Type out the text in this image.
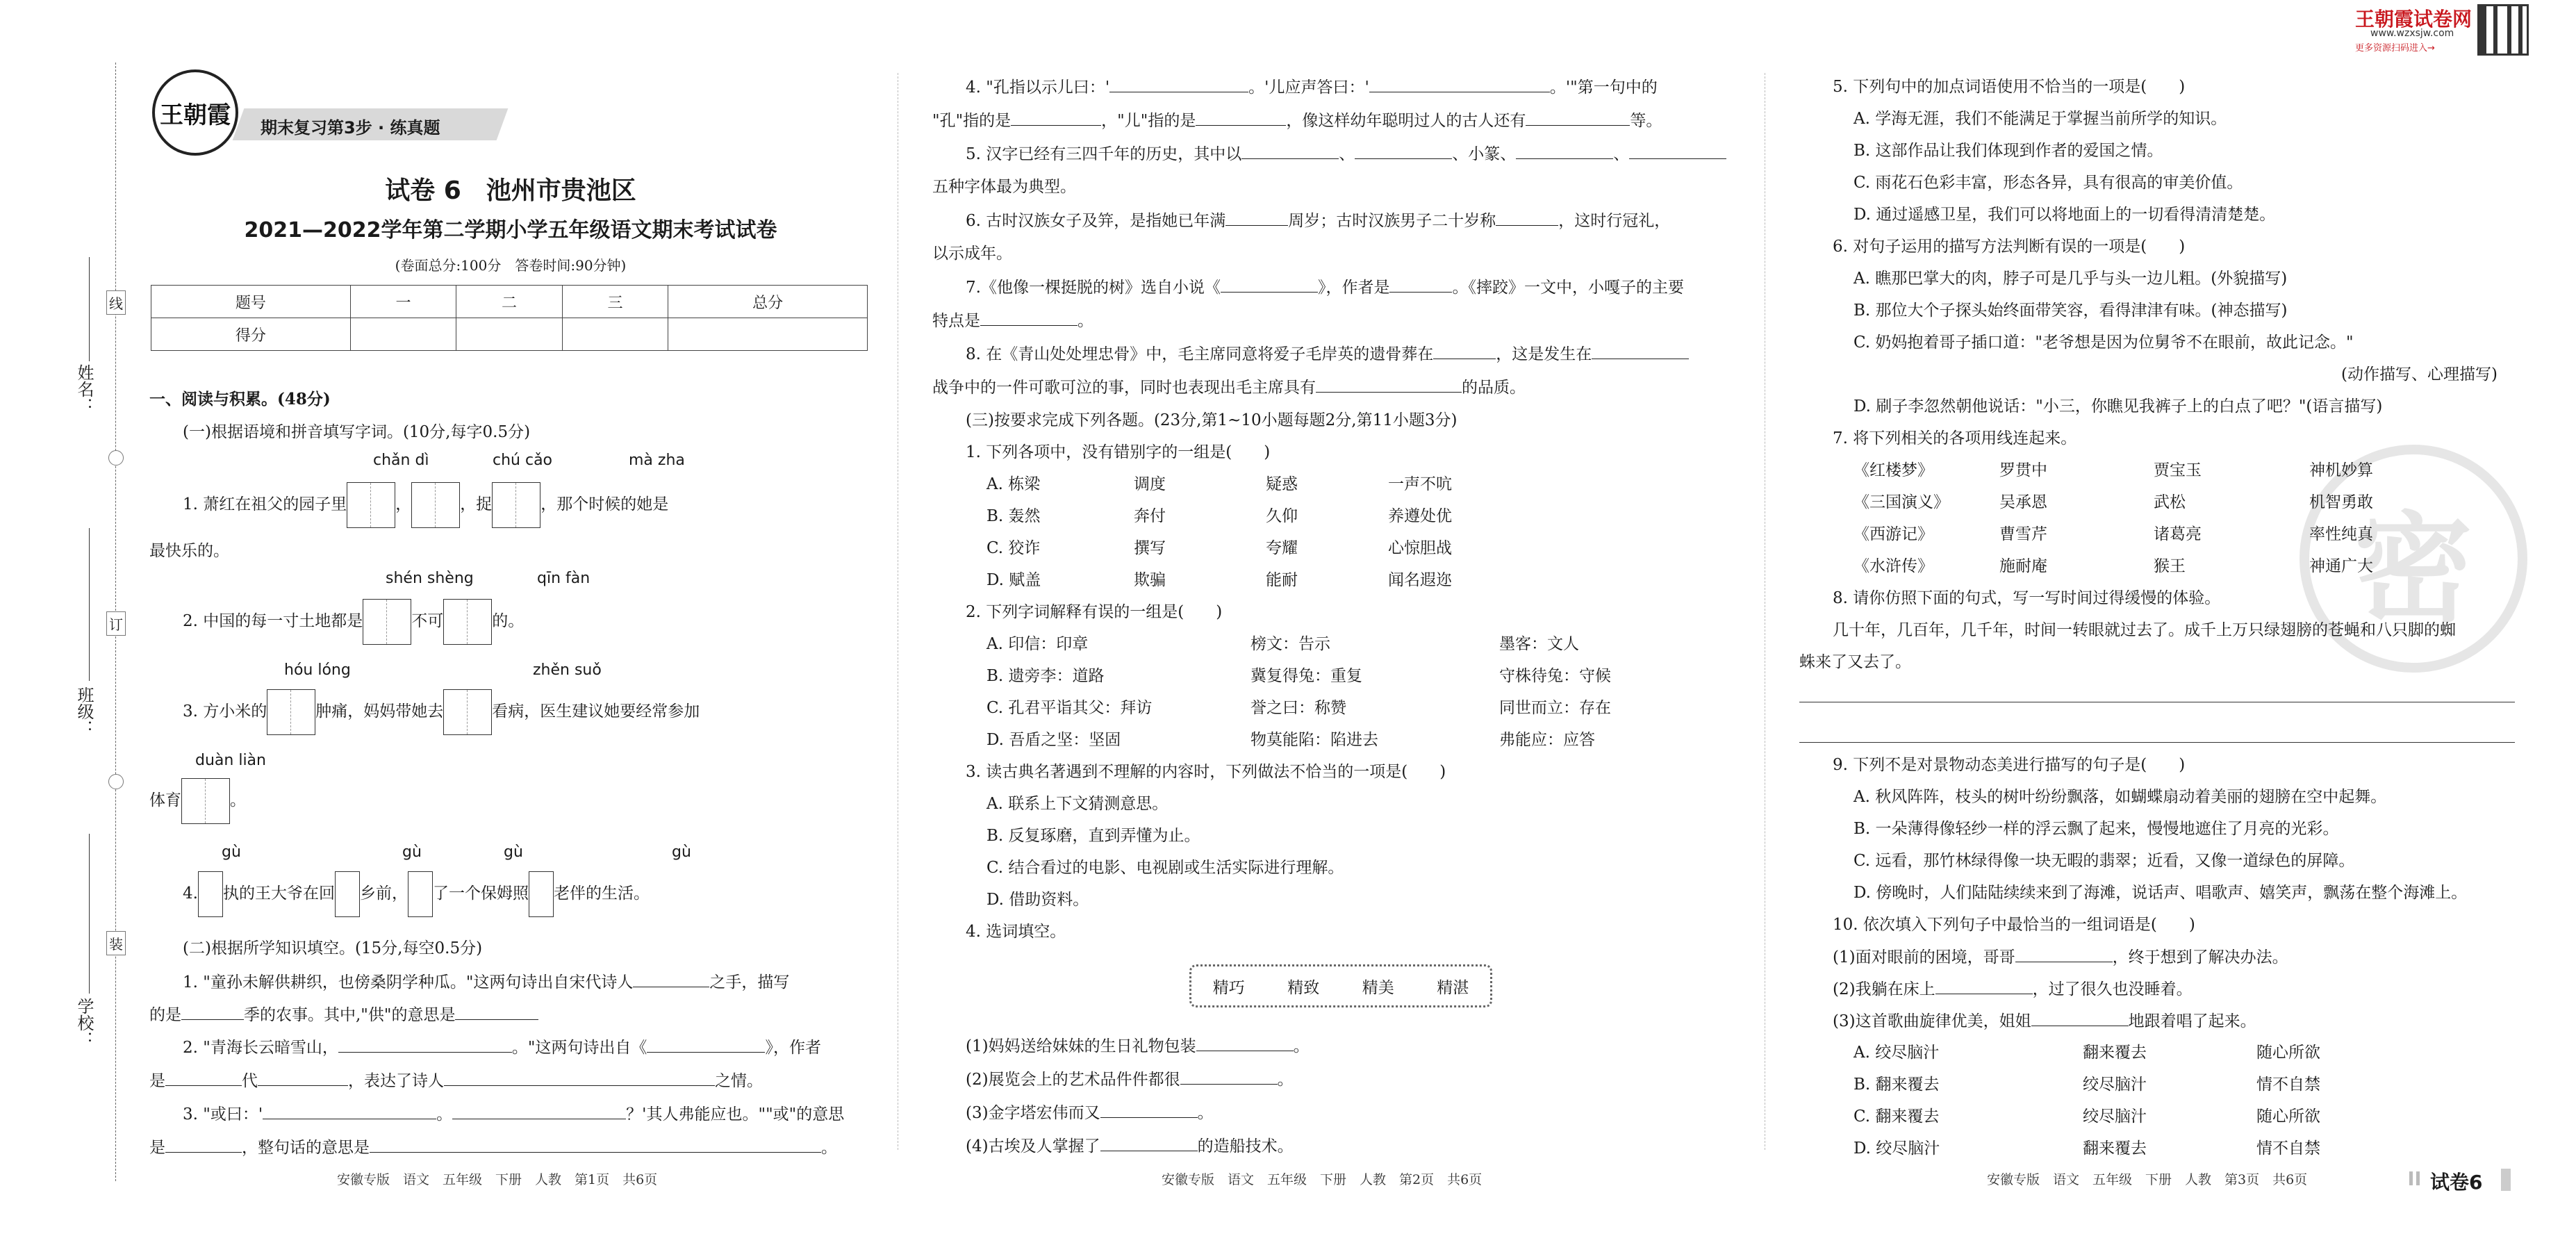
线
订
装
姓名：
班级：
学校：
王朝霞 期末复习第3步 · 练真题
试卷 6　池州市贵池区
2021—2022学年第二学期小学五年级语文期末考试试卷
(卷面总分:100分　答卷时间:90分钟)
题号	一	二	三	总分
得分				
一、阅读与积累。(48分)
(一)根据语境和拼音填写字词。(10分,每字0.5分)
chǎn dì	chú cǎo	mà zha
1. 萧红在祖父的园子里	，	，捉	，那个时候的她是
最快乐的。
shén shèng	qīn fàn
2. 中国的每一寸土地都是	不可	的。
hóu lóng	zhěn suǒ
3. 方小米的	肿痛，妈妈带她去	看病，医生建议她要经常参加
duàn liàn
体育	。
gù	gù	gù	gù
4. 执的王大爷在回 乡前， 了一个保姆照 老伴的生活。
(二)根据所学知识填空。(15分,每空0.5分)
1. "童孙未解供耕织，也傍桑阴学种瓜。"这两句诗出自宋代诗人	之手，描写
的是	季的农事。其中,"供"的意思是
2. "青海长云暗雪山，	。"这两句诗出自《	》，作者
是	代	，表达了诗人	之情。
3. "或曰：'	。	？'其人弗能应也。""或"的意思
是	，整句话的意思是	。
安徽专版　语文　五年级　下册　人教　第1页　共6页
4. "孔指以示儿曰：'	。'儿应声答曰：'	。'"第一句中的
"孔"指的是	，"儿"指的是	，像这样幼年聪明过人的古人还有	等。
5. 汉字已经有三四千年的历史，其中以	、	、小篆、	、
五种字体最为典型。
6. 古时汉族女子及笄，是指她已年满	周岁；古时汉族男子二十岁称	，这时行冠礼，
以示成年。
7.《他像一棵挺脱的树》选自小说《	》，作者是	。《摔跤》一文中，小嘎子的主要
特点是	。
8. 在《青山处处埋忠骨》中，毛主席同意将爱子毛岸英的遗骨葬在	，这是发生在
战争中的一件可歌可泣的事，同时也表现出毛主席具有	的品质。
(三)按要求完成下列各题。(23分,第1~10小题每题2分,第11小题3分)
1. 下列各项中，没有错别字的一组是(　　)
A. 栋梁	调度	疑惑	一声不吭
B. 轰然	奔付	久仰	养遵处优
C. 狡诈	撰写	夸耀	心惊胆战
D. 赋盖	欺骗	能耐	闻名遐迩
2. 下列字词解释有误的一组是(　　)
A. 印信：印章	榜文：告示	墨客：文人
B. 遗旁李：道路	冀复得兔：重复	守株待兔：守候
C. 孔君平诣其父：拜访	誉之曰：称赞	同世而立：存在
D. 吾盾之坚：坚固	物莫能陷：陷进去	弗能应：应答
3. 读古典名著遇到不理解的内容时，下列做法不恰当的一项是(　　)
A. 联系上下文猜测意思。
B. 反复琢磨，直到弄懂为止。
C. 结合看过的电影、电视剧或生活实际进行理解。
D. 借助资料。
4. 选词填空。
精巧	精致	精美	精湛
(1)妈妈送给妹妹的生日礼物包装	。
(2)展览会上的艺术品件件都很	。
(3)金字塔宏伟而又	。
(4)古埃及人掌握了	的造船技术。
安徽专版　语文　五年级　下册　人教　第2页　共6页
密
5. 下列句中的加点词语使用不恰当的一项是(　　)
A. 学海无涯，我们不能满足于掌握当前所学的知识。
B. 这部作品让我们体现到作者的爱国之情。
C. 雨花石色彩丰富，形态各异，具有很高的审美价值。
D. 通过遥感卫星，我们可以将地面上的一切看得清清楚楚。
6. 对句子运用的描写方法判断有误的一项是(　　)
A. 瞧那巴掌大的肉，脖子可是几乎与头一边儿粗。(外貌描写)
B. 那位大个子探头始终面带笑容，看得津津有味。(神态描写)
C. 奶妈抱着哥子插口道："老爷想是因为位舅爷不在眼前，故此记念。"
(动作描写、心理描写)
D. 刷子李忽然朝他说话："小三，你瞧见我裤子上的白点了吧？"(语言描写)
7. 将下列相关的各项用线连起来。
《红楼梦》	罗贯中	贾宝玉	神机妙算
《三国演义》	吴承恩	武松	机智勇敢
《西游记》	曹雪芹	诸葛亮	率性纯真
《水浒传》	施耐庵	猴王	神通广大
8. 请你仿照下面的句式，写一写时间过得缓慢的体验。
几十年，几百年，几千年，时间一转眼就过去了。成千上万只绿翅膀的苍蝇和八只脚的蜘
蛛来了又去了。
9. 下列不是对景物动态美进行描写的句子是(　　)
A. 秋风阵阵，枝头的树叶纷纷飘落，如蝴蝶扇动着美丽的翅膀在空中起舞。
B. 一朵薄得像轻纱一样的浮云飘了起来，慢慢地遮住了月亮的光彩。
C. 远看，那竹林绿得像一块无暇的翡翠；近看，又像一道绿色的屏障。
D. 傍晚时，人们陆陆续续来到了海滩，说话声、唱歌声、嬉笑声，飘荡在整个海滩上。
10. 依次填入下列句子中最恰当的一组词语是(　　)
(1)面对眼前的困境，哥哥	，终于想到了解决办法。
(2)我躺在床上	，过了很久也没睡着。
(3)这首歌曲旋律优美，姐姐	地跟着唱了起来。
A. 绞尽脑汁	翻来覆去	随心所欲
B. 翻来覆去	绞尽脑汁	情不自禁
C. 翻来覆去	绞尽脑汁	随心所欲
D. 绞尽脑汁	翻来覆去	情不自禁
安徽专版　语文　五年级　下册　人教　第3页　共6页	试卷6
王朝霞试卷网
www.wzxsjw.com
更多资源扫码进入→
